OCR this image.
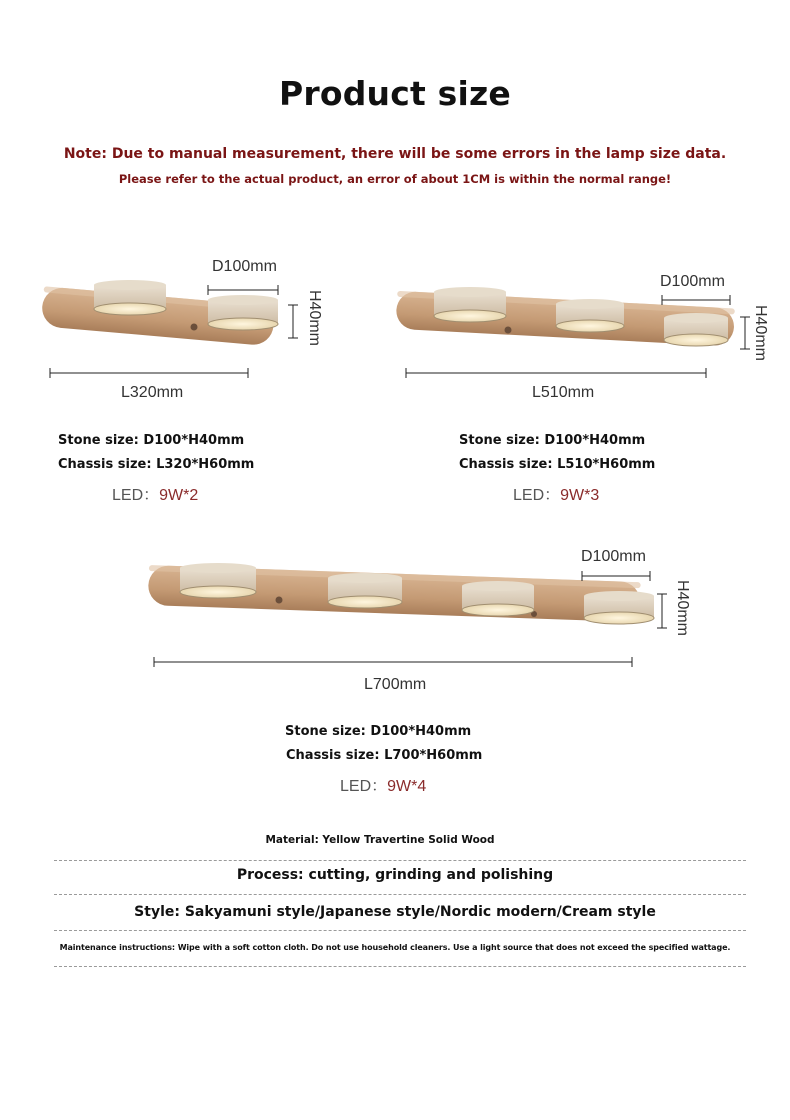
Product size
Note: Due to manual measurement, there will be some errors in the lamp size data.
Please refer to the actual product, an error of about 1CM is within the normal range!
D100mm
H40mm
L320mm
Stone size: D100*H40mm
Chassis size: L320*H60mm
LED：9W*2
D100mm
H40mm
L510mm
Stone size: D100*H40mm
Chassis size: L510*H60mm
LED：9W*3
D100mm
H40mm
L700mm
Stone size: D100*H40mm
Chassis size: L700*H60mm
LED：9W*4
Material: Yellow Travertine Solid Wood
Process: cutting, grinding and polishing
Style: Sakyamuni style/Japanese style/Nordic modern/Cream style
Maintenance instructions: Wipe with a soft cotton cloth. Do not use household cleaners. Use a light source that does not exceed the specified wattage.
